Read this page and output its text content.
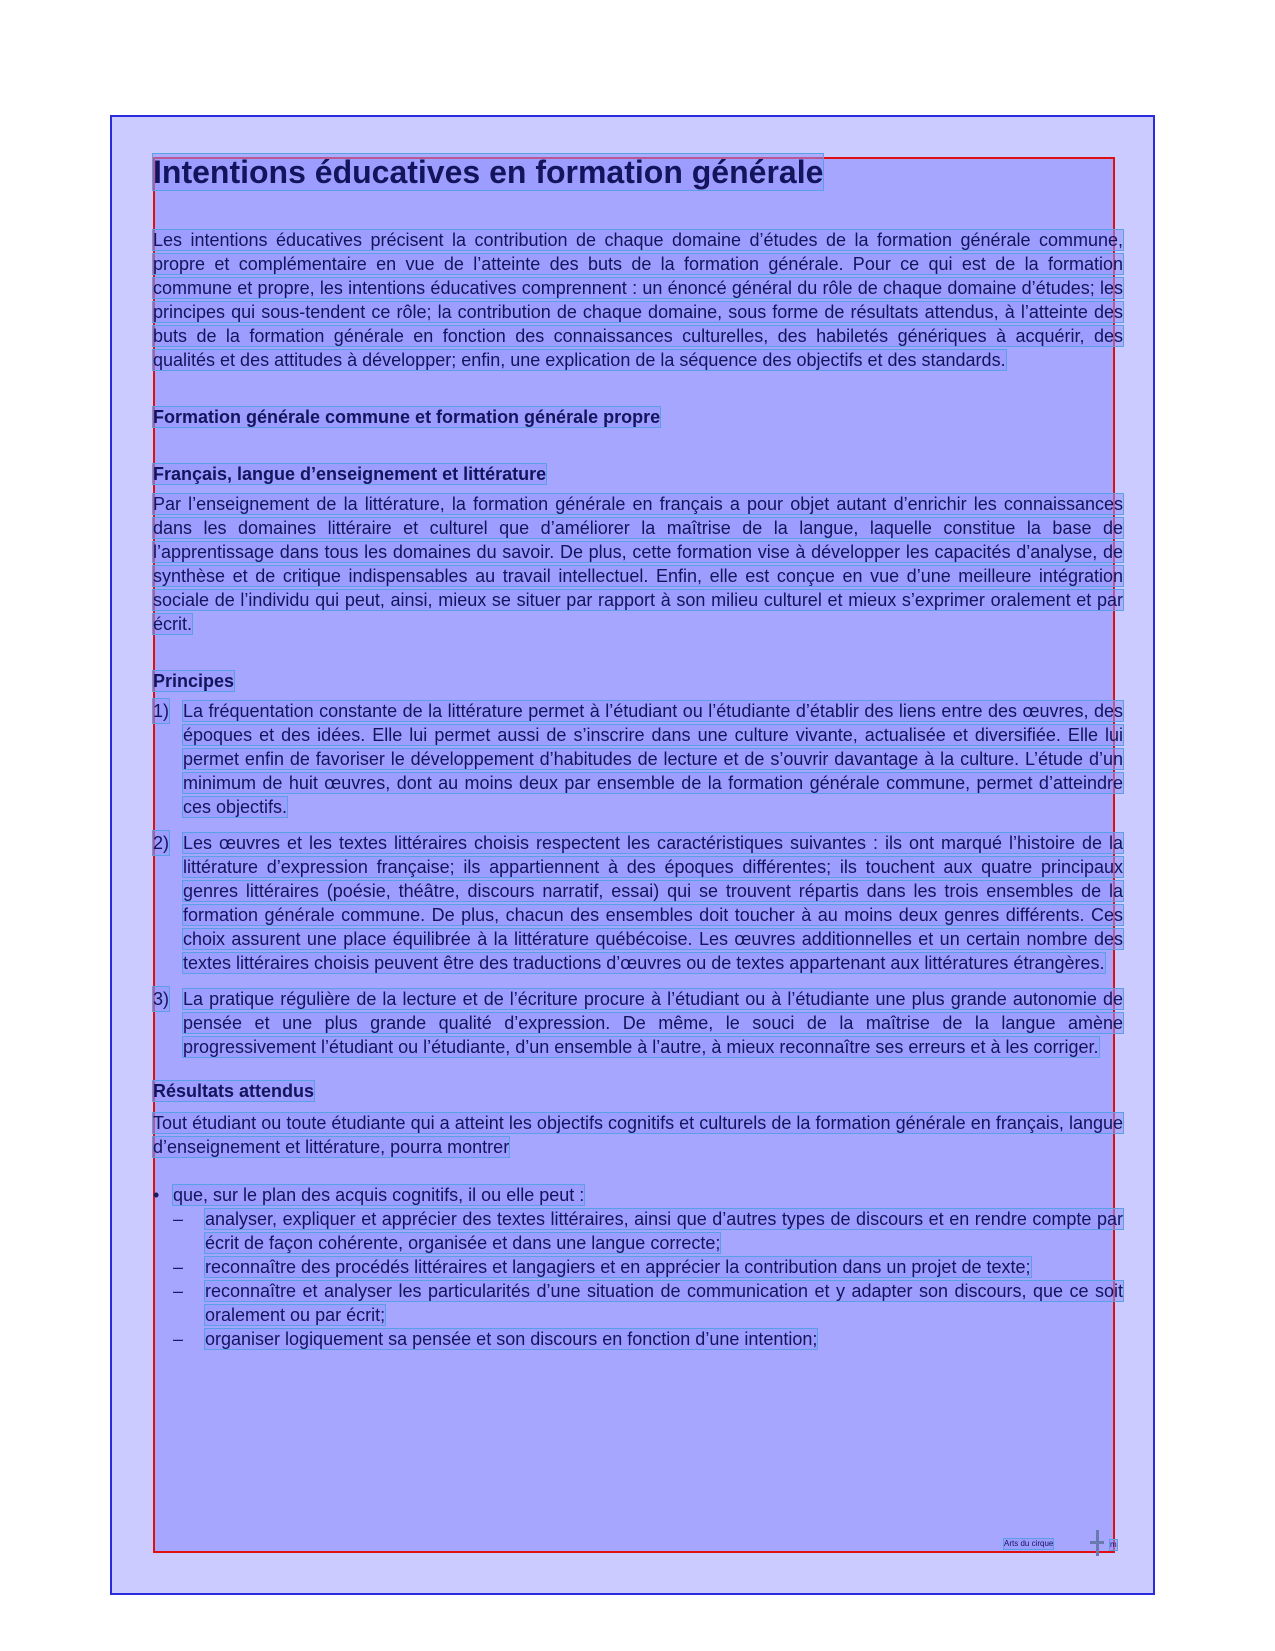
Intentions éducatives en formation générale

Les intentions éducatives précisent la contribution de chaque domaine d’études de la formation générale commune, propre et complémentaire en vue de l’atteinte des buts de la formation générale. Pour ce qui est de la formation commune et propre, les intentions éducatives comprennent : un énoncé général du rôle de chaque domaine d’études; les principes qui sous-tendent ce rôle; la contribution de chaque domaine, sous forme de résultats attendus, à l’atteinte des buts de la formation générale en fonction des connaissances culturelles, des habiletés génériques à acquérir, des qualités et des attitudes à développer; enfin, une explication de la séquence des objectifs et des standards.

Formation générale commune et formation générale propre
Français, langue d’enseignement et littérature

Par l’enseignement de la littérature, la formation générale en français a pour objet autant d’enrichir les connaissances dans les domaines littéraire et culturel que d’améliorer la maîtrise de la langue, laquelle constitue la base de l’apprentissage dans tous les domaines du savoir. De plus, cette formation vise à développer les capacités d’analyse, de synthèse et de critique indispensables au travail intellectuel. Enfin, elle est conçue en vue d’une meilleure intégration sociale de l’individu qui peut, ainsi, mieux se situer par rapport à son milieu culturel et mieux s’exprimer oralement et par écrit.

Principes
1) La fréquentation constante de la littérature permet à l’étudiant ou l’étudiante d’établir des liens entre des œuvres, des époques et des idées. Elle lui permet aussi de s’inscrire dans une culture vivante, actualisée et diversifiée. Elle lui permet enfin de favoriser le développement d’habitudes de lecture et de s’ouvrir davantage à la culture. L’étude d’un minimum de huit œuvres, dont au moins deux par ensemble de la formation générale commune, permet d’atteindre ces objectifs.
2) Les œuvres et les textes littéraires choisis respectent les caractéristiques suivantes : ils ont marqué l’histoire de la littérature d’expression française; ils appartiennent à des époques différentes; ils touchent aux quatre principaux genres littéraires (poésie, théâtre, discours narratif, essai) qui se trouvent répartis dans les trois ensembles de la formation générale commune. De plus, chacun des ensembles doit toucher à au moins deux genres différents. Ces choix assurent une place équilibrée à la littérature québécoise. Les œuvres additionnelles et un certain nombre des textes littéraires choisis peuvent être des traductions d’œuvres ou de textes appartenant aux littératures étrangères.
3) La pratique régulière de la lecture et de l’écriture procure à l’étudiant ou à l’étudiante une plus grande autonomie de pensée et une plus grande qualité d’expression. De même, le souci de la maîtrise de la langue amène progressivement l’étudiant ou l’étudiante, d’un ensemble à l’autre, à mieux reconnaître ses erreurs et à les corriger.
Résultats attendus

Tout étudiant ou toute étudiante qui a atteint les objectifs cognitifs et culturels de la formation générale en français, langue d’enseignement et littérature, pourra montrer

• que, sur le plan des acquis cognitifs, il ou elle peut :
– analyser, expliquer et apprécier des textes littéraires, ainsi que d’autres types de discours et en rendre compte par écrit de façon cohérente, organisée et dans une langue correcte;
– reconnaître des procédés littéraires et langagiers et en apprécier la contribution dans un projet de texte;
– reconnaître et analyser les particularités d’une situation de communication et y adapter son discours, que ce soit oralement ou par écrit;
– organiser logiquement sa pensée et son discours en fonction d’une intention;
Arts du cirque	m
